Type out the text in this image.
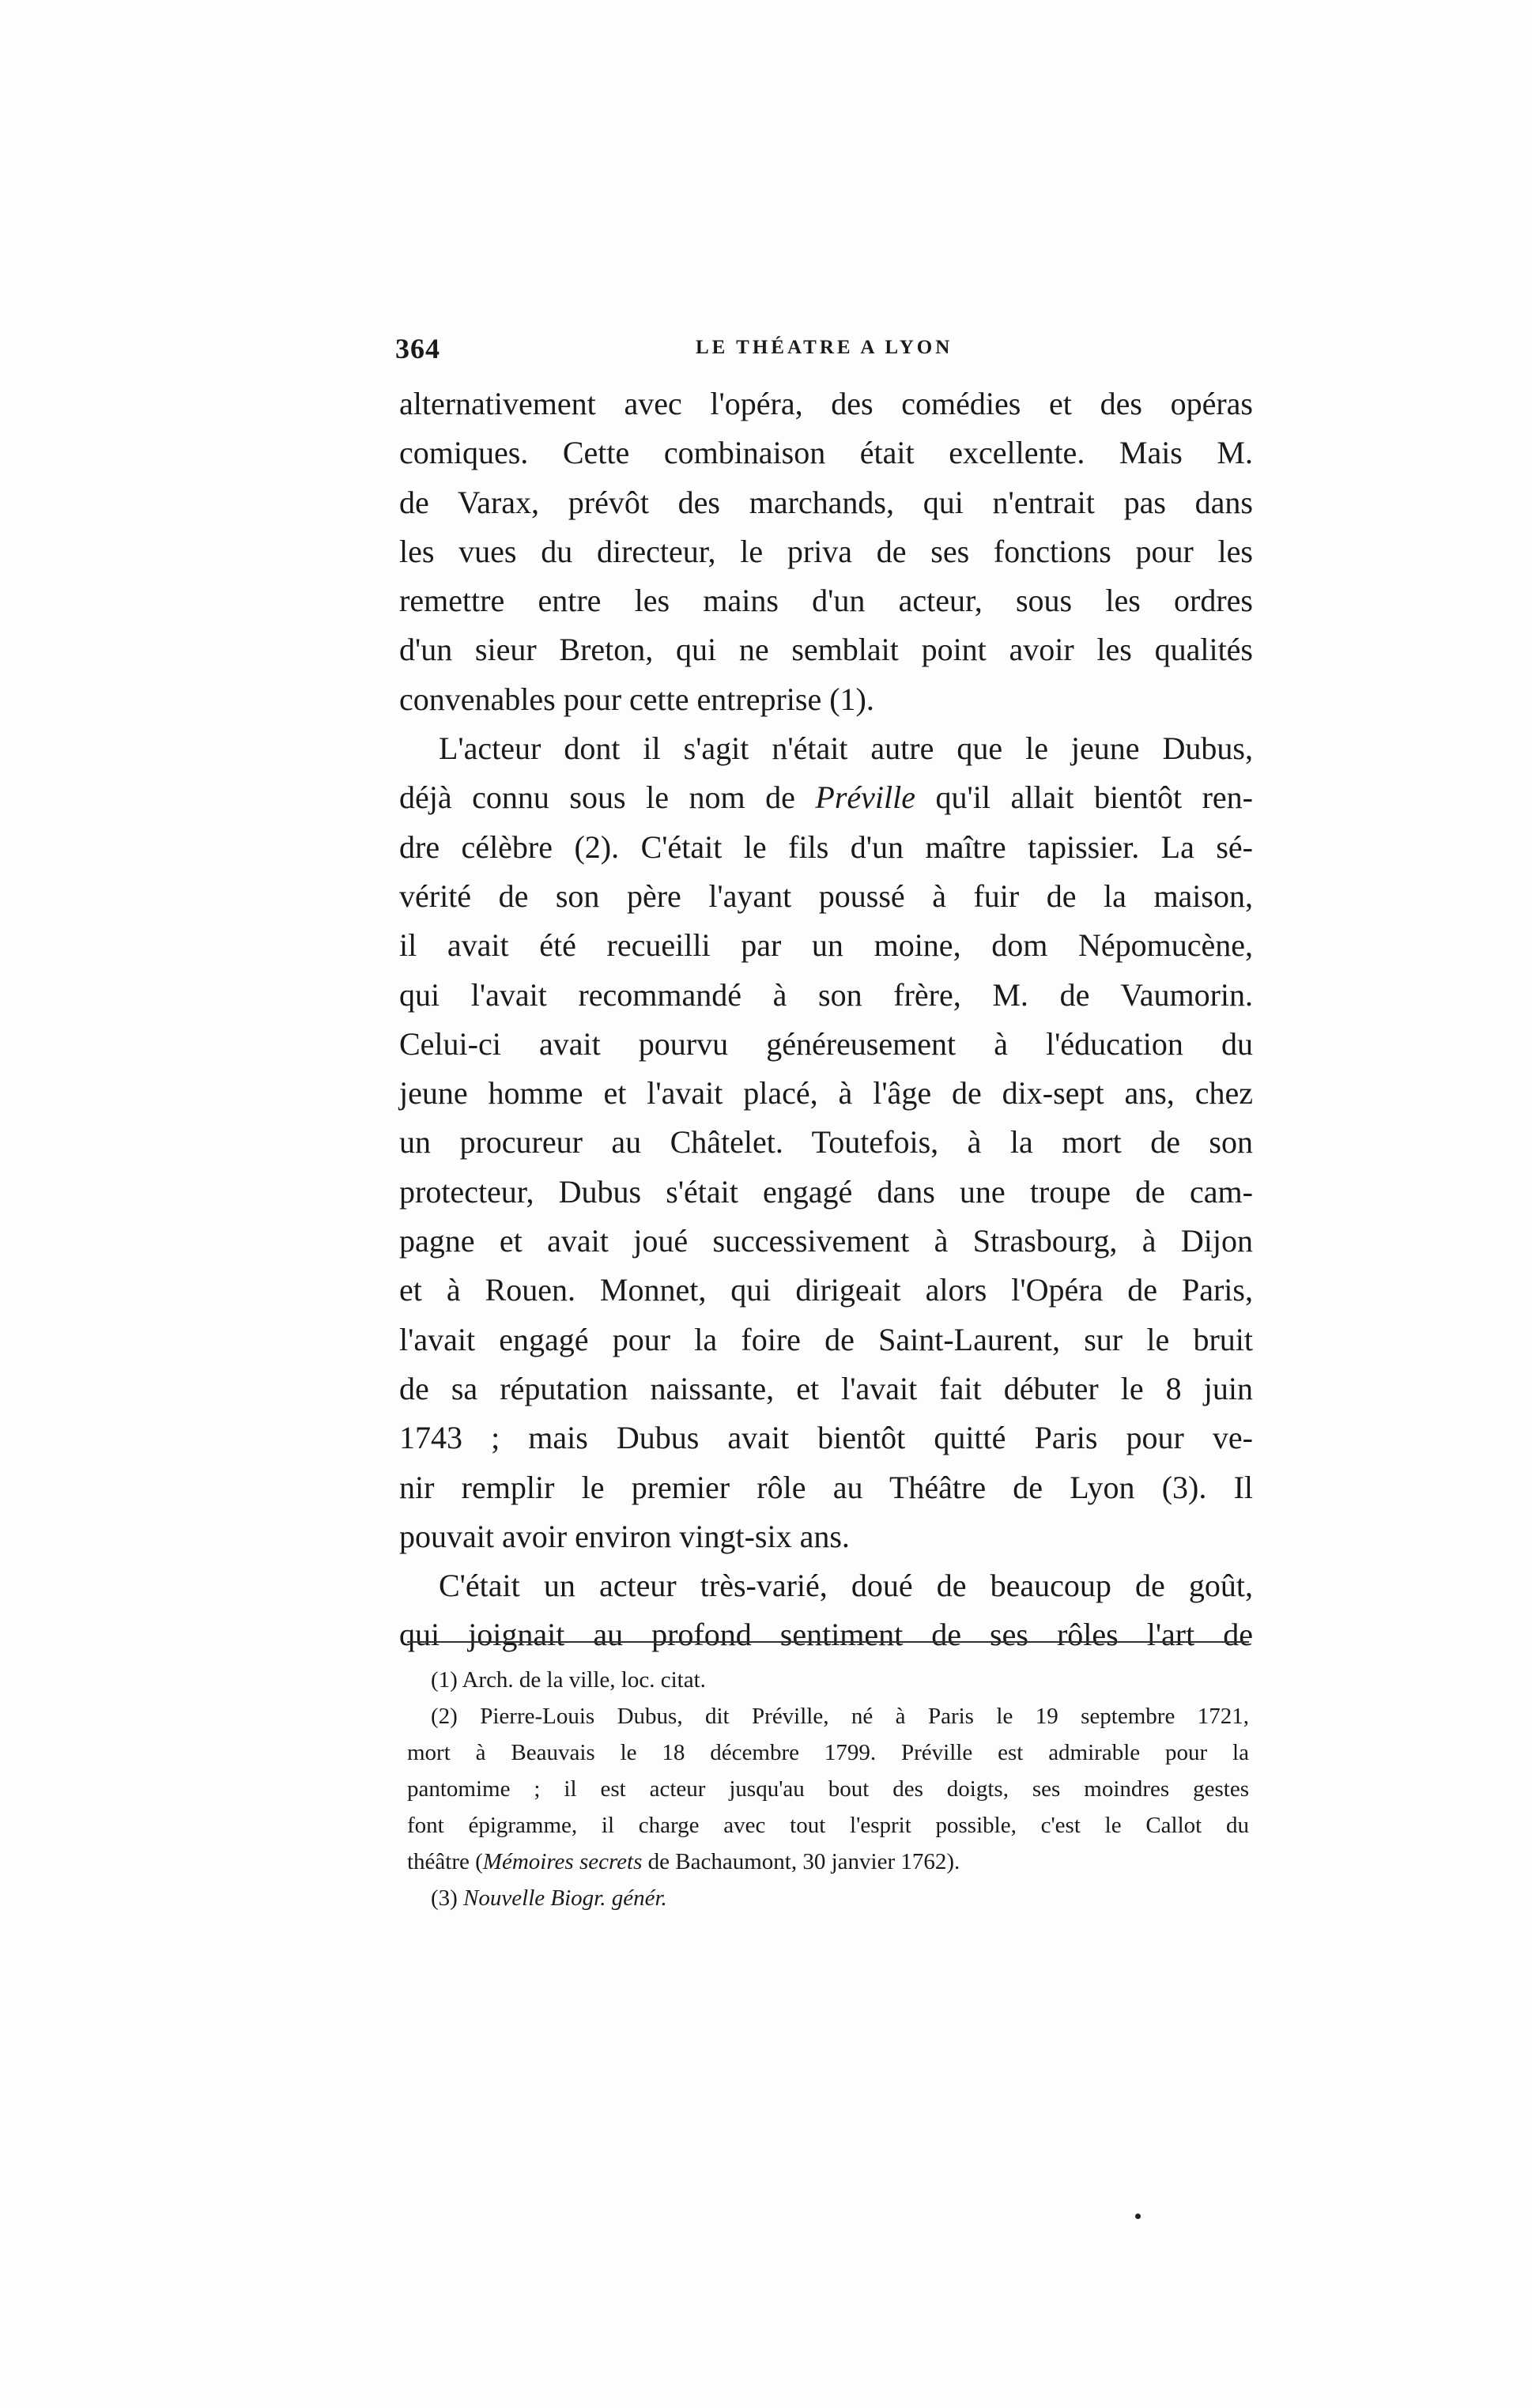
364	LE THÉATRE A LYON
alternativement avec l'opéra, des comédies et des opéras
comiques. Cette combinaison était excellente. Mais M.
de Varax, prévôt des marchands, qui n'entrait pas dans
les vues du directeur, le priva de ses fonctions pour les
remettre entre les mains d'un acteur, sous les ordres
d'un sieur Breton, qui ne semblait point avoir les qualités
convenables pour cette entreprise (1).
L'acteur dont il s'agit n'était autre que le jeune Dubus,
déjà connu sous le nom de Préville qu'il allait bientôt ren-
dre célèbre (2). C'était le fils d'un maître tapissier. La sé-
vérité de son père l'ayant poussé à fuir de la maison,
il avait été recueilli par un moine, dom Népomucène,
qui l'avait recommandé à son frère, M. de Vaumorin.
Celui-ci avait pourvu généreusement à l'éducation du
jeune homme et l'avait placé, à l'âge de dix-sept ans, chez
un procureur au Châtelet. Toutefois, à la mort de son
protecteur, Dubus s'était engagé dans une troupe de cam-
pagne et avait joué successivement à Strasbourg, à Dijon
et à Rouen. Monnet, qui dirigeait alors l'Opéra de Paris,
l'avait engagé pour la foire de Saint-Laurent, sur le bruit
de sa réputation naissante, et l'avait fait débuter le 8 juin
1743 ; mais Dubus avait bientôt quitté Paris pour ve-
nir remplir le premier rôle au Théâtre de Lyon (3). Il
pouvait avoir environ vingt-six ans.
C'était un acteur très-varié, doué de beaucoup de goût,
qui joignait au profond sentiment de ses rôles l'art de
(1) Arch. de la ville, loc. citat.
(2) Pierre-Louis Dubus, dit Préville, né à Paris le 19 septembre 1721,
mort à Beauvais le 18 décembre 1799. Préville est admirable pour la
pantomime ; il est acteur jusqu'au bout des doigts, ses moindres gestes
font épigramme, il charge avec tout l'esprit possible, c'est le Callot du
théâtre (Mémoires secrets de Bachaumont, 30 janvier 1762).
(3) Nouvelle Biogr. génér.
